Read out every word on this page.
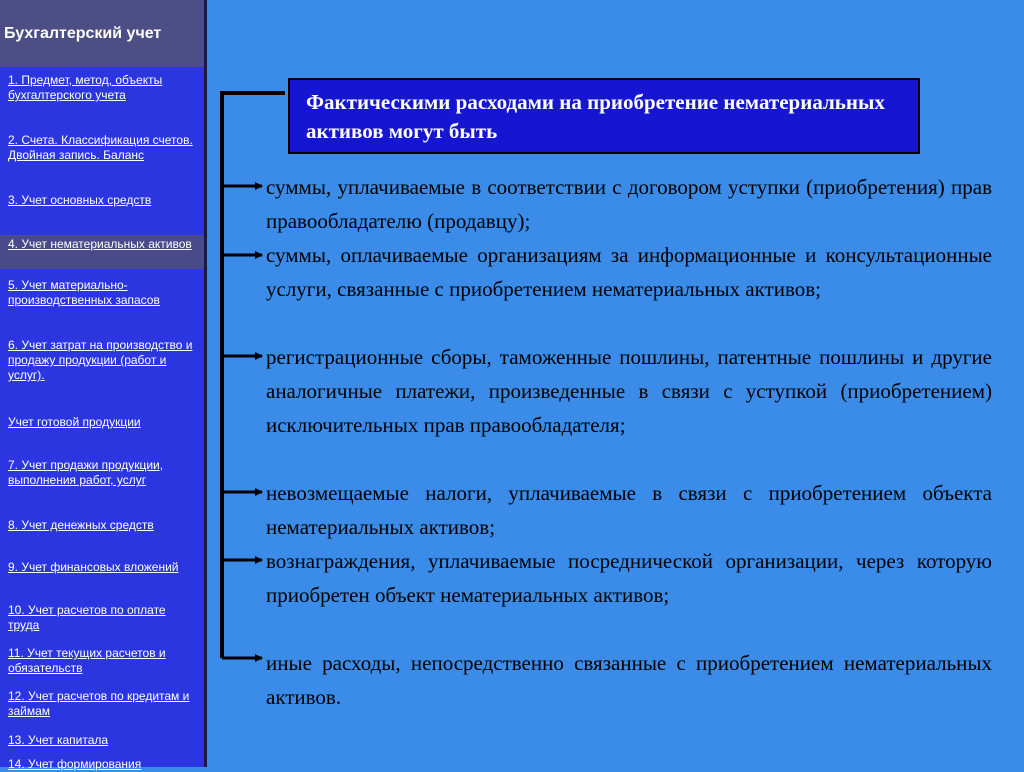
Бухгалтерский учет
1. Предмет, метод, объекты бухгалтерского учета
2. Счета. Классификация счетов. Двойная запись. Баланс
3. Учет основных средств
4. Учет нематериальных активов
5. Учет материально-производственных запасов
6. Учет затрат на производство и продажу продукции (работ и услуг).
Учет готовой продукции
7. Учет продажи продукции, выполнения работ, услуг
8. Учет денежных средств
9. Учет финансовых вложений
10. Учет расчетов по оплате труда
11. Учет текущих расчетов и обязательств
12. Учет расчетов по кредитам и займам
13. Учет капитала
14. Учет формирования
Фактическими расходами на приобретение нематериальных активов могут быть
суммы, уплачиваемые в соответствии с договором уступки (приобретения) прав правообладателю (продавцу);
суммы, оплачиваемые организациям за информационные и консультационные услуги, связанные с приобретением нематериальных активов;
регистрационные сборы, таможенные пошлины, патентные пошлины и другие аналогичные платежи, произведенные в связи с уступкой (приобретением) исключительных прав правообладателя;
невозмещаемые налоги, уплачиваемые в связи с приобретением объекта нематериальных активов;
вознаграждения, уплачиваемые посреднической организации, через которую приобретен объект нематериальных активов;
иные расходы, непосредственно связанные с приобретением нематериальных активов.
